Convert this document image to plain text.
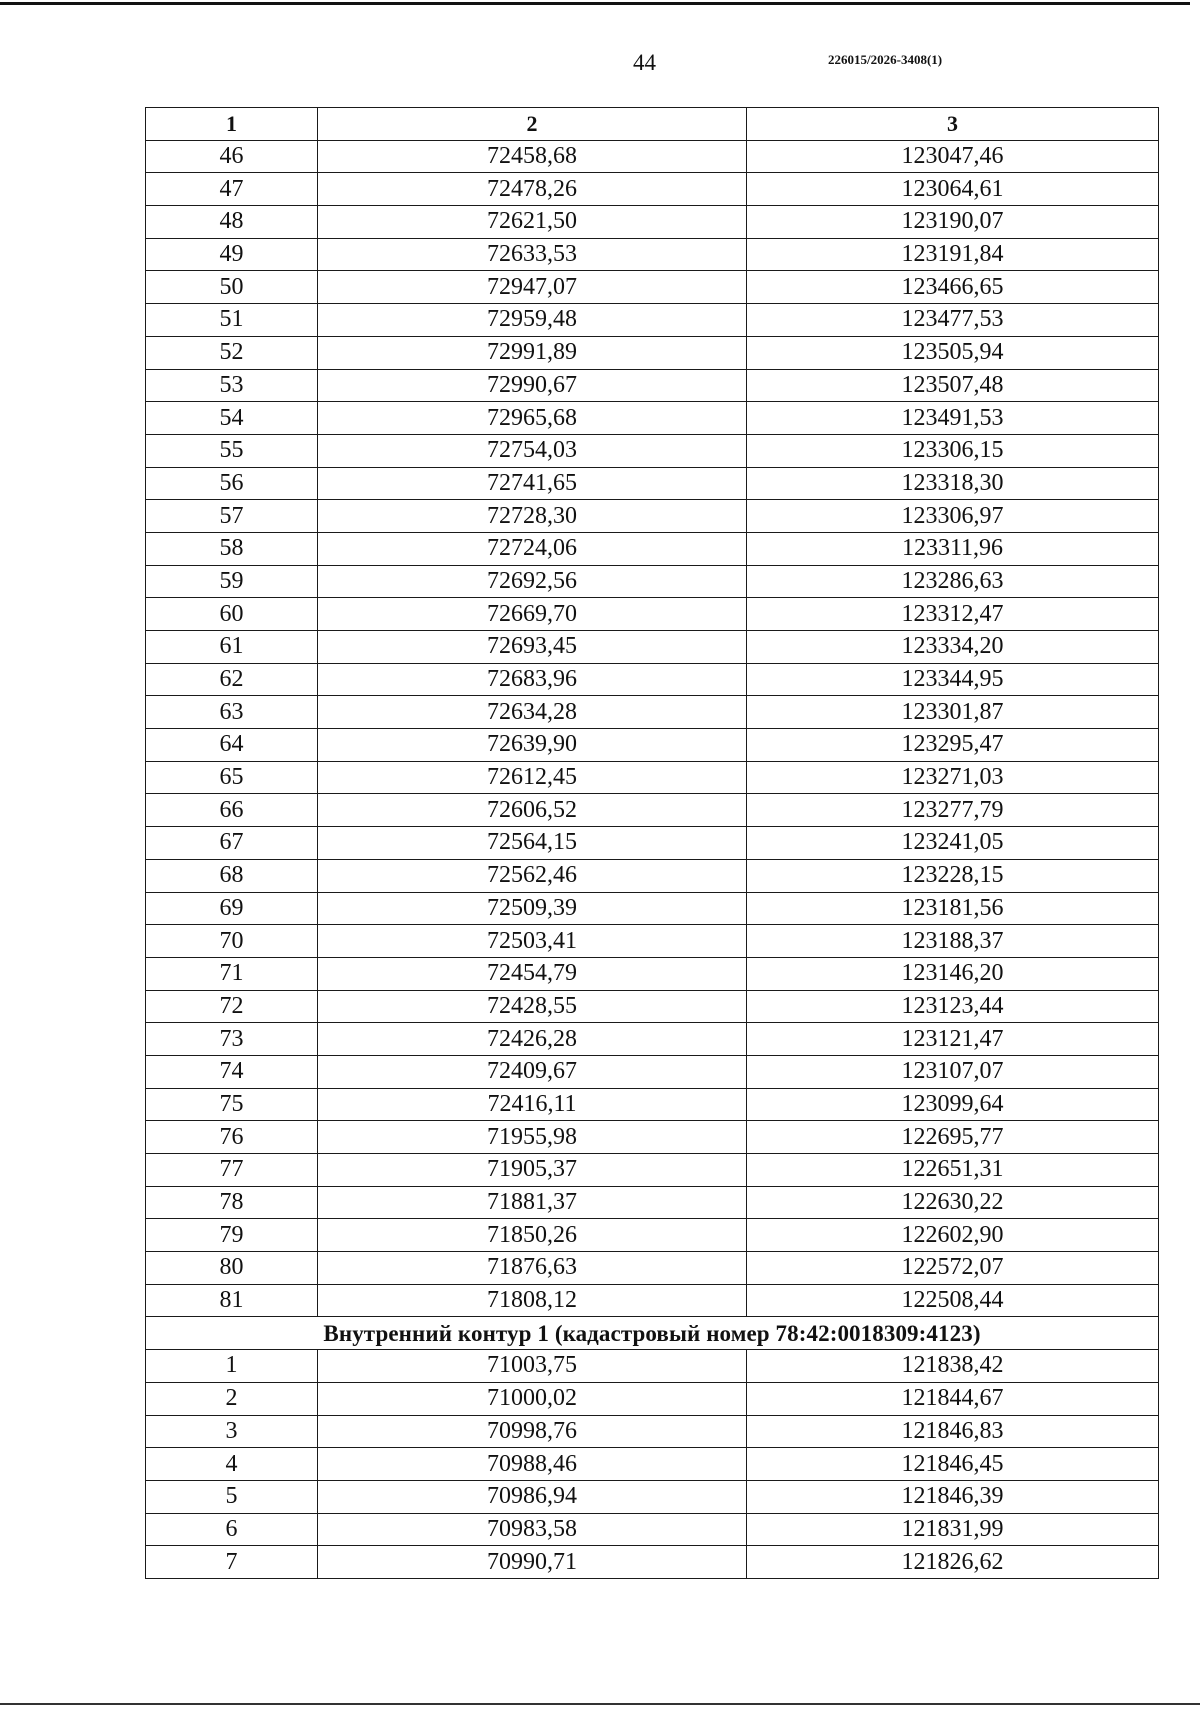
44	226015/2026-3408(1)
1	2	3
46	72458,68	123047,46
47	72478,26	123064,61
48	72621,50	123190,07
49	72633,53	123191,84
50	72947,07	123466,65
51	72959,48	123477,53
52	72991,89	123505,94
53	72990,67	123507,48
54	72965,68	123491,53
55	72754,03	123306,15
56	72741,65	123318,30
57	72728,30	123306,97
58	72724,06	123311,96
59	72692,56	123286,63
60	72669,70	123312,47
61	72693,45	123334,20
62	72683,96	123344,95
63	72634,28	123301,87
64	72639,90	123295,47
65	72612,45	123271,03
66	72606,52	123277,79
67	72564,15	123241,05
68	72562,46	123228,15
69	72509,39	123181,56
70	72503,41	123188,37
71	72454,79	123146,20
72	72428,55	123123,44
73	72426,28	123121,47
74	72409,67	123107,07
75	72416,11	123099,64
76	71955,98	122695,77
77	71905,37	122651,31
78	71881,37	122630,22
79	71850,26	122602,90
80	71876,63	122572,07
81	71808,12	122508,44
Внутренний контур 1 (кадастровый номер 78:42:0018309:4123)		
1	71003,75	121838,42
2	71000,02	121844,67
3	70998,76	121846,83
4	70988,46	121846,45
5	70986,94	121846,39
6	70983,58	121831,99
7	70990,71	121826,62
